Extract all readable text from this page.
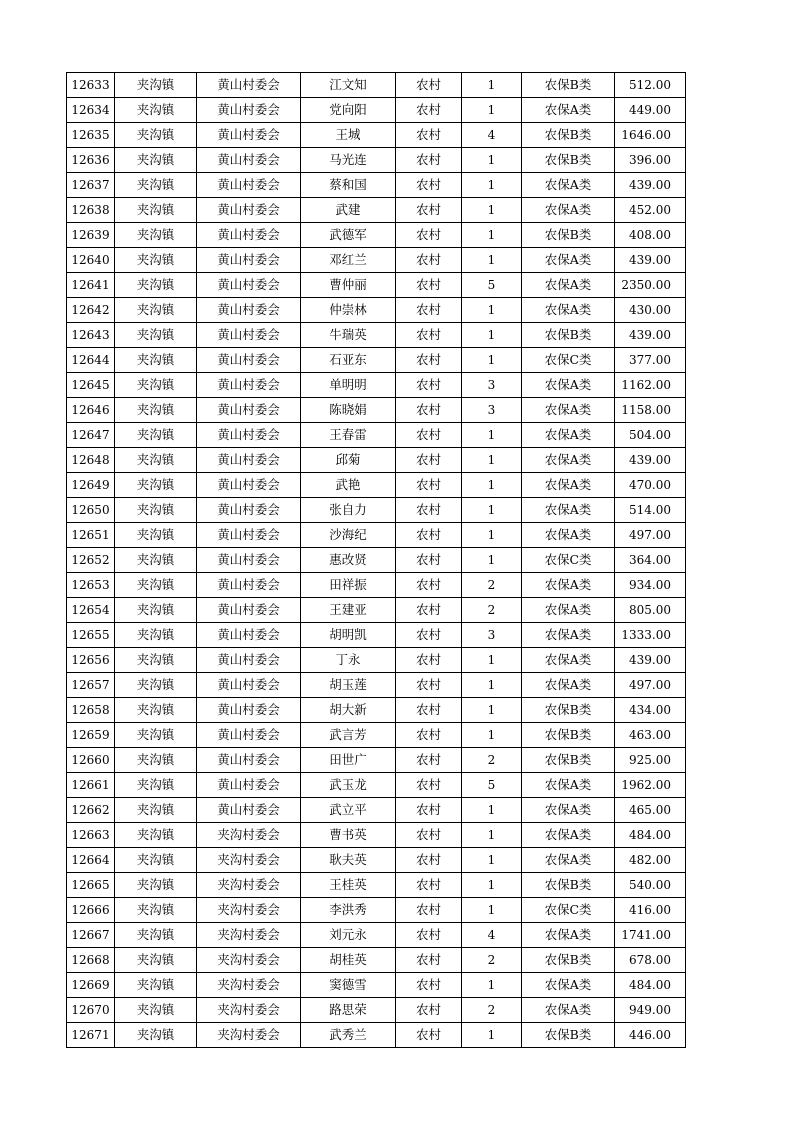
12633	夹沟镇	黄山村委会	江文知	农村	1	农保B类	512.00
12634	夹沟镇	黄山村委会	党向阳	农村	1	农保A类	449.00
12635	夹沟镇	黄山村委会	王城	农村	4	农保B类	1646.00
12636	夹沟镇	黄山村委会	马光连	农村	1	农保B类	396.00
12637	夹沟镇	黄山村委会	蔡和国	农村	1	农保A类	439.00
12638	夹沟镇	黄山村委会	武建	农村	1	农保A类	452.00
12639	夹沟镇	黄山村委会	武德军	农村	1	农保B类	408.00
12640	夹沟镇	黄山村委会	邓红兰	农村	1	农保A类	439.00
12641	夹沟镇	黄山村委会	曹仲丽	农村	5	农保A类	2350.00
12642	夹沟镇	黄山村委会	仲崇林	农村	1	农保A类	430.00
12643	夹沟镇	黄山村委会	牛瑞英	农村	1	农保B类	439.00
12644	夹沟镇	黄山村委会	石亚东	农村	1	农保C类	377.00
12645	夹沟镇	黄山村委会	单明明	农村	3	农保A类	1162.00
12646	夹沟镇	黄山村委会	陈晓娟	农村	3	农保A类	1158.00
12647	夹沟镇	黄山村委会	王春雷	农村	1	农保A类	504.00
12648	夹沟镇	黄山村委会	邱菊	农村	1	农保A类	439.00
12649	夹沟镇	黄山村委会	武艳	农村	1	农保A类	470.00
12650	夹沟镇	黄山村委会	张自力	农村	1	农保A类	514.00
12651	夹沟镇	黄山村委会	沙海纪	农村	1	农保A类	497.00
12652	夹沟镇	黄山村委会	惠改贤	农村	1	农保C类	364.00
12653	夹沟镇	黄山村委会	田祥振	农村	2	农保A类	934.00
12654	夹沟镇	黄山村委会	王建亚	农村	2	农保A类	805.00
12655	夹沟镇	黄山村委会	胡明凯	农村	3	农保A类	1333.00
12656	夹沟镇	黄山村委会	丁永	农村	1	农保A类	439.00
12657	夹沟镇	黄山村委会	胡玉莲	农村	1	农保A类	497.00
12658	夹沟镇	黄山村委会	胡大新	农村	1	农保B类	434.00
12659	夹沟镇	黄山村委会	武言芳	农村	1	农保B类	463.00
12660	夹沟镇	黄山村委会	田世广	农村	2	农保B类	925.00
12661	夹沟镇	黄山村委会	武玉龙	农村	5	农保A类	1962.00
12662	夹沟镇	黄山村委会	武立平	农村	1	农保A类	465.00
12663	夹沟镇	夹沟村委会	曹书英	农村	1	农保A类	484.00
12664	夹沟镇	夹沟村委会	耿夫英	农村	1	农保A类	482.00
12665	夹沟镇	夹沟村委会	王桂英	农村	1	农保B类	540.00
12666	夹沟镇	夹沟村委会	李洪秀	农村	1	农保C类	416.00
12667	夹沟镇	夹沟村委会	刘元永	农村	4	农保A类	1741.00
12668	夹沟镇	夹沟村委会	胡桂英	农村	2	农保B类	678.00
12669	夹沟镇	夹沟村委会	窦德雪	农村	1	农保A类	484.00
12670	夹沟镇	夹沟村委会	路思荣	农村	2	农保A类	949.00
12671	夹沟镇	夹沟村委会	武秀兰	农村	1	农保B类	446.00
